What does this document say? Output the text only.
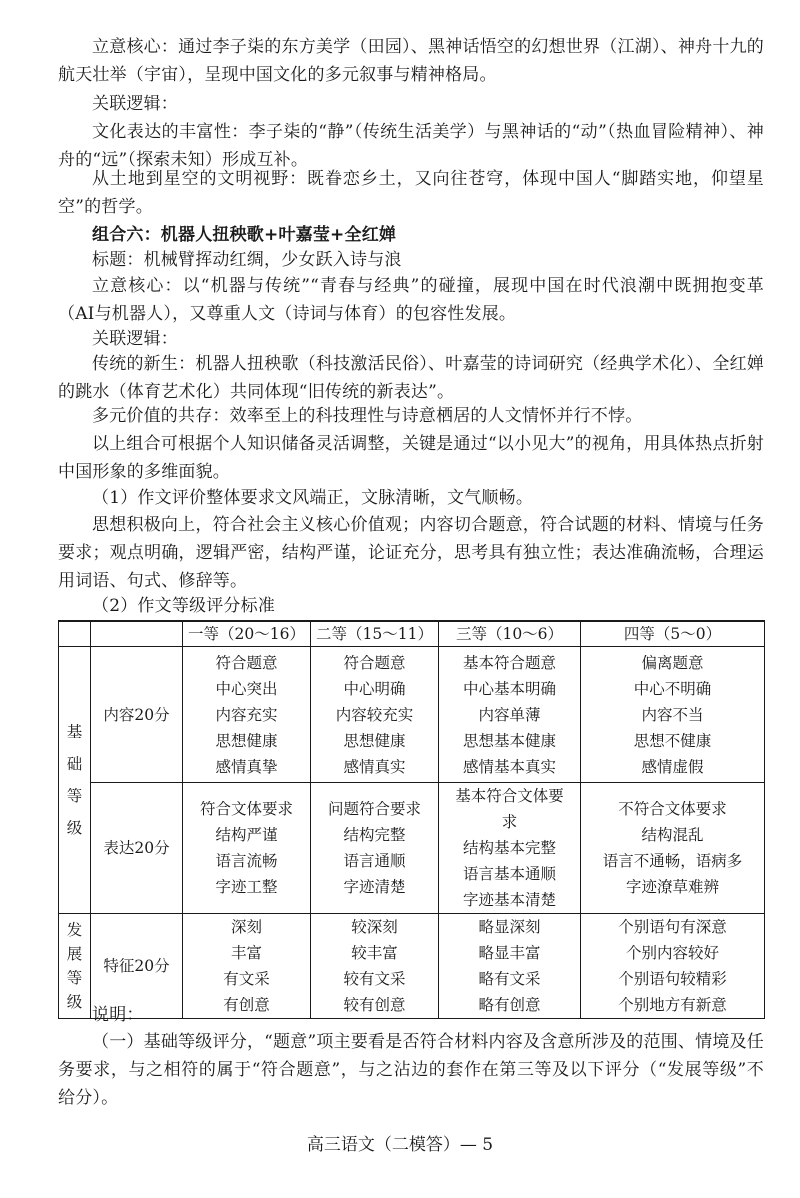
立意核心：通过李子柒的东方美学（田园）、黑神话悟空的幻想世界（江湖）、神舟十九的航天壮举（宇宙），呈现中国文化的多元叙事与精神格局。

关联逻辑：

文化表达的丰富性：李子柒的“静”（传统生活美学）与黑神话的“动”（热血冒险精神）、神舟的“远”（探索未知）形成互补。

从土地到星空的文明视野：既眷恋乡土，又向往苍穹，体现中国人“脚踏实地，仰望星空”的哲学。

组合六：机器人扭秧歌+叶嘉莹+全红婵

标题：机械臂挥动红绸，少女跃入诗与浪

立意核心：以“机器与传统”“青春与经典”的碰撞，展现中国在时代浪潮中既拥抱变革（AI与机器人），又尊重人文（诗词与体育）的包容性发展。

关联逻辑：

传统的新生：机器人扭秧歌（科技激活民俗）、叶嘉莹的诗词研究（经典学术化）、全红婵的跳水（体育艺术化）共同体现“旧传统的新表达”。

多元价值的共存：效率至上的科技理性与诗意栖居的人文情怀并行不悖。

以上组合可根据个人知识储备灵活调整，关键是通过“以小见大”的视角，用具体热点折射中国形象的多维面貌。

（1）作文评价整体要求文风端正，文脉清晰，文气顺畅。

思想积极向上，符合社会主义核心价值观；内容切合题意，符合试题的材料、情境与任务要求；观点明确，逻辑严密，结构严谨，论证充分，思考具有独立性；表达准确流畅，合理运用词语、句式、修辞等。

（2）作文等级评分标准

		一等（20～16）	二等（15～11）	三等（10～6）	四等（5～0）

基础等级	内容20分	符合题意
中心突出
内容充实
思想健康
感情真挚	符合题意
中心明确
内容较充实
思想健康
感情真实	基本符合题意
中心基本明确
内容单薄
思想基本健康
感情基本真实	偏离题意
中心不明确
内容不当
思想不健康
感情虚假

	表达20分	符合文体要求
结构严谨
语言流畅
字迹工整	问题符合要求
结构完整
语言通顺
字迹清楚	基本符合文体要
求
结构基本完整
语言基本通顺
字迹基本清楚	不符合文体要求
结构混乱
语言不通畅，语病多
字迹潦草难辨

发展等级	特征20分	深刻
丰富
有文采
有创意	较深刻
较丰富
较有文采
较有创意	略显深刻
略显丰富
略有文采
略有创意	个别语句有深意
个别内容较好
个别语句较精彩
个别地方有新意

说明：

（一）基础等级评分，“题意”项主要看是否符合材料内容及含意所涉及的范围、情境及任务要求，与之相符的属于“符合题意”，与之沾边的套作在第三等及以下评分（“发展等级”不给分）。

高三语文（二模答）— 5
